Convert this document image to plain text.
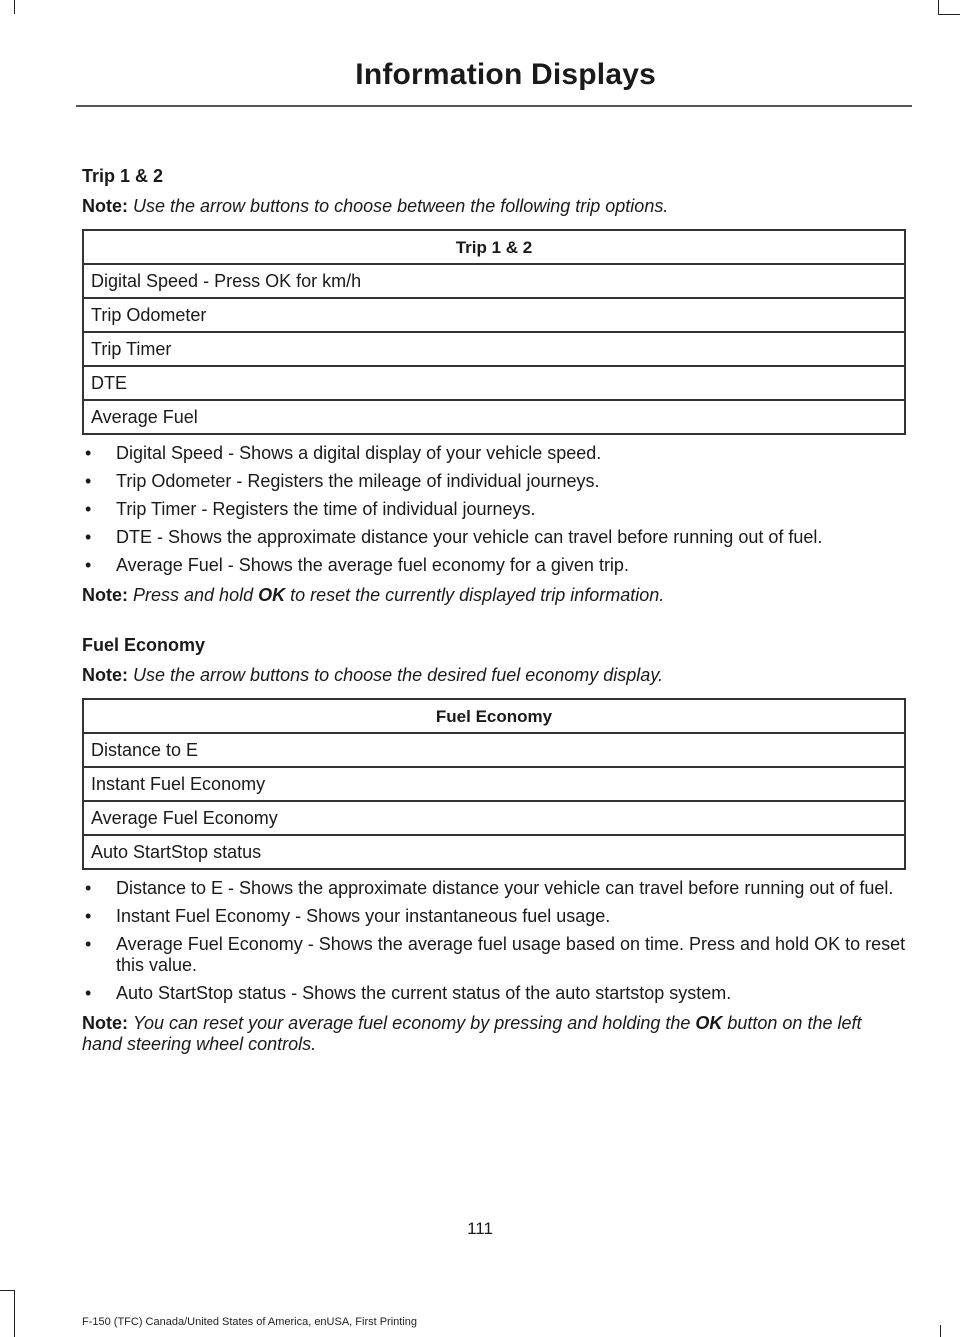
Information Displays

Trip 1 & 2

Note: Use the arrow buttons to choose between the following trip options.

Trip 1 & 2
Digital Speed - Press OK for km/h
Trip Odometer
Trip Timer
DTE
Average Fuel
• Digital Speed - Shows a digital display of your vehicle speed.
• Trip Odometer - Registers the mileage of individual journeys.
• Trip Timer - Registers the time of individual journeys.
• DTE - Shows the approximate distance your vehicle can travel before running out of fuel.
• Average Fuel - Shows the average fuel economy for a given trip.

Note: Press and hold OK to reset the currently displayed trip information.

Fuel Economy

Note: Use the arrow buttons to choose the desired fuel economy display.

Fuel Economy
Distance to E
Instant Fuel Economy
Average Fuel Economy
Auto StartStop status
• Distance to E - Shows the approximate distance your vehicle can travel before running out of fuel.
• Instant Fuel Economy - Shows your instantaneous fuel usage.
• Average Fuel Economy - Shows the average fuel usage based on time. Press and hold OK to reset this value.
• Auto StartStop status - Shows the current status of the auto startstop system.

Note: You can reset your average fuel economy by pressing and holding the OK button on the left hand steering wheel controls.

111
F-150 (TFC) Canada/United States of America, enUSA, First Printing
